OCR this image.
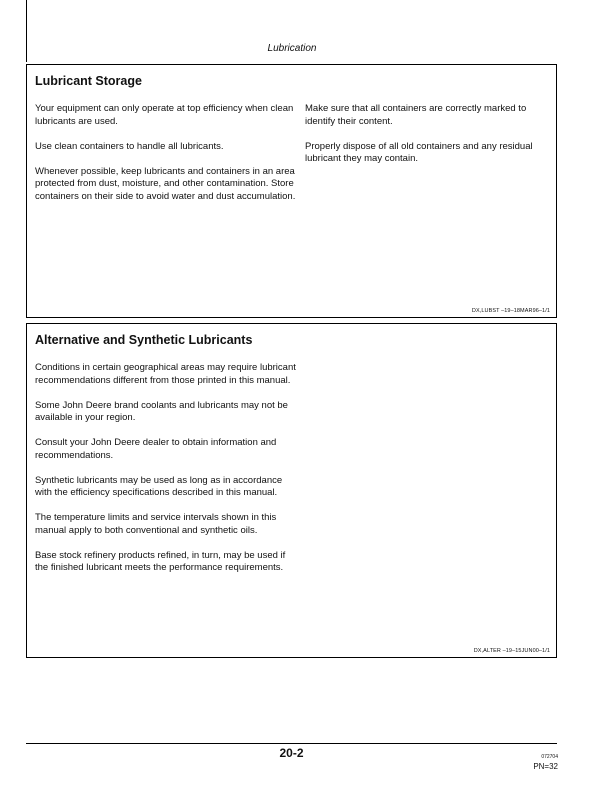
Lubrication
Lubricant Storage

Your equipment can only operate at top efficiency when clean lubricants are used.

Use clean containers to handle all lubricants.

Whenever possible, keep lubricants and containers in an area protected from dust, moisture, and other contamination. Store containers on their side to avoid water and dust accumulation.

Make sure that all containers are correctly marked to identify their content.

Properly dispose of all old containers and any residual lubricant they may contain.

DX,LUBST –19–18MAR96–1/1
Alternative and Synthetic Lubricants

Conditions in certain geographical areas may require lubricant recommendations different from those printed in this manual.

Some John Deere brand coolants and lubricants may not be available in your region.

Consult your John Deere dealer to obtain information and recommendations.

Synthetic lubricants may be used as long as in accordance with the efficiency specifications described in this manual.

The temperature limits and service intervals shown in this manual apply to both conventional and synthetic oils.

Base stock refinery products refined, in turn, may be used if the finished lubricant meets the performance requirements.

DX,ALTER –19–15JUN00–1/1
20-2	072704
PN=32
